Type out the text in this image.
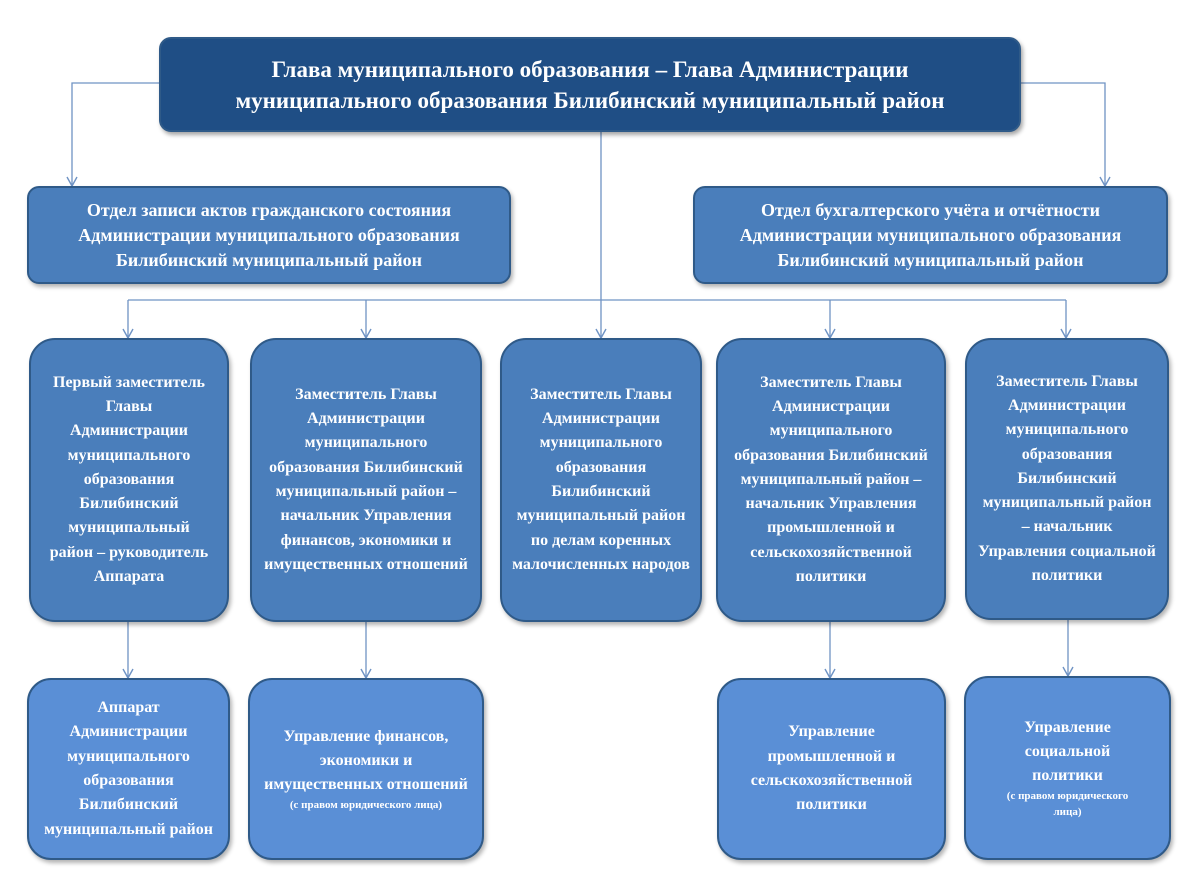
Глава муниципального образования – Глава Администрации
муниципального образования Билибинский муниципальный район
Отдел записи актов гражданского состояния
Администрации муниципального образования
Билибинский муниципальный район
Отдел бухгалтерского учёта и отчётности
Администрации муниципального образования
Билибинский муниципальный район
Первый заместитель Главы Администрации муниципального образования Билибинский муниципальный район – руководитель Аппарата
Заместитель Главы Администрации муниципального образования Билибинский муниципальный район – начальник Управления финансов, экономики и имущественных отношений
Заместитель Главы Администрации муниципального образования Билибинский муниципальный район по делам коренных малочисленных народов
Заместитель Главы Администрации муниципального образования Билибинский муниципальный район – начальник Управления промышленной и сельскохозяйственной политики
Заместитель Главы Администрации муниципального образования Билибинский муниципальный район – начальник Управления социальной политики
Аппарат Администрации муниципального образования Билибинский муниципальный район
Управление финансов, экономики и имущественных отношений
(с правом юридического лица)
Управление промышленной и сельскохозяйственной политики
Управление социальной политики
(с правом юридического лица)
